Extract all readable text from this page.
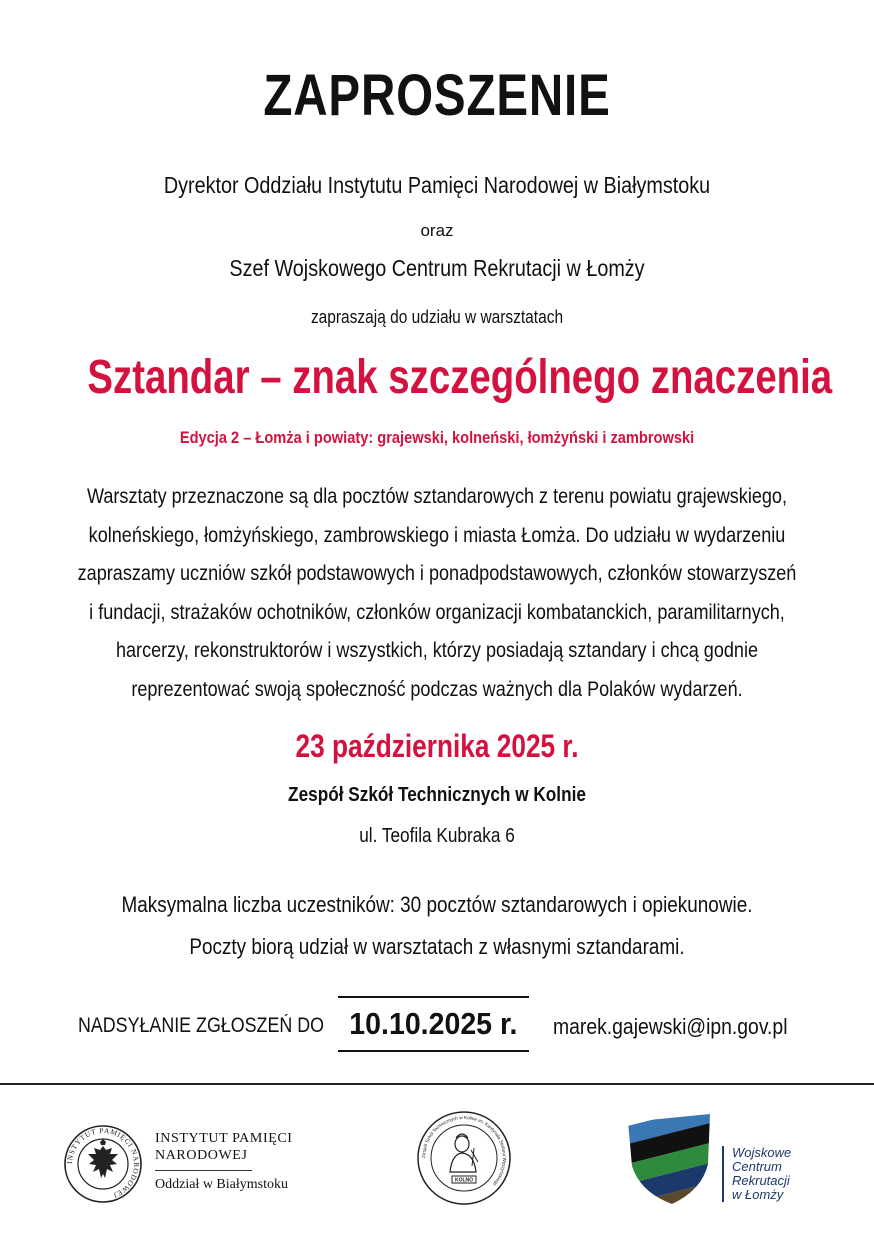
ZAPROSZENIE
Dyrektor Oddziału Instytutu Pamięci Narodowej w Białymstoku
oraz
Szef Wojskowego Centrum Rekrutacji w Łomży
zapraszają do udziału w warsztatach
Sztandar – znak szczególnego znaczenia
Edycja 2 – Łomża i powiaty: grajewski, kolneński, łomżyński i zambrowski
Warsztaty przeznaczone są dla pocztów sztandarowych z terenu powiatu grajewskiego,
kolneńskiego, łomżyńskiego, zambrowskiego i miasta Łomża. Do udziału w wydarzeniu
zapraszamy uczniów szkół podstawowych i ponadpodstawowych, członków stowarzyszeń
i fundacji, strażaków ochotników, członków organizacji kombatanckich, paramilitarnych,
harcerzy, rekonstruktorów i wszystkich, którzy posiadają sztandary i chcą godnie
reprezentować swoją społeczność podczas ważnych dla Polaków wydarzeń.
23 października 2025 r.
Zespół Szkół Technicznych w Kolnie
ul. Teofila Kubraka 6
Maksymalna liczba uczestników: 30 pocztów sztandarowych i opiekunowie.
Poczty biorą udział w warsztatach z własnymi sztandarami.
NADSYŁANIE ZGŁOSZEŃ DO 10.10.2025 r.	marek.gajewski@ipn.gov.pl
INSTYTUT PAMIĘCI NARODOWEJ
INSTYTUT PAMIĘCI
NARODOWEJ
Oddział w Białymstoku
Zespół Szkół Technicznych w Kolnie im. Kardynała Stefana Wyszyńskiego
KOLNO
Wojskowe
Centrum
Rekrutacji
w Łomży
